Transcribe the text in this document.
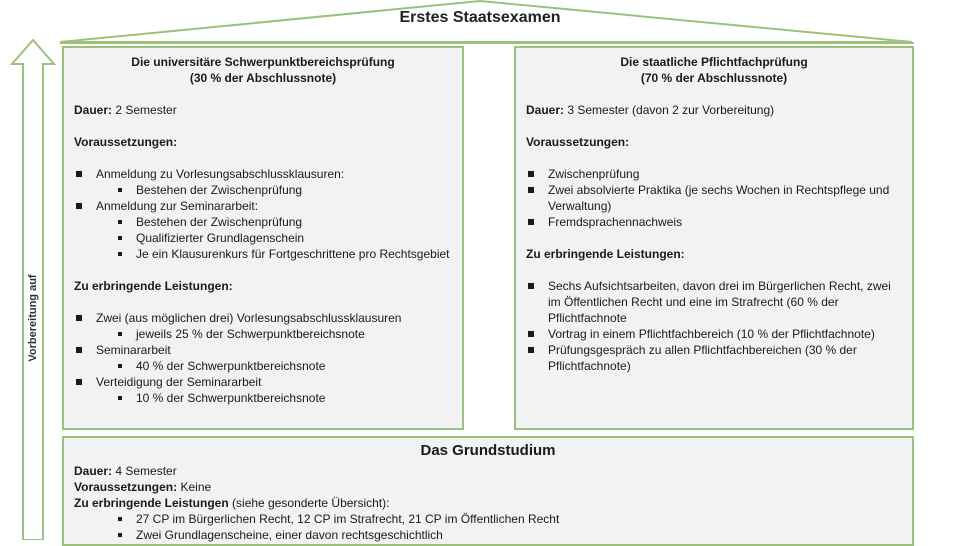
Erstes Staatsexamen
Vorbereitung auf
Die universitäre Schwerpunktbereichsprüfung
(30 % der Abschlussnote)
Dauer: 2 Semester
Voraussetzungen:
Anmeldung zu Vorlesungsabschlussklausuren:
Bestehen der Zwischenprüfung
Anmeldung zur Seminararbeit:
Bestehen der Zwischenprüfung
Qualifizierter Grundlagenschein
Je ein Klausurenkurs für Fortgeschrittene pro Rechtsgebiet
Zu erbringende Leistungen:
Zwei (aus möglichen drei) Vorlesungsabschlussklausuren
jeweils 25 % der Schwerpunktbereichsnote
Seminararbeit
40 % der Schwerpunktbereichsnote
Verteidigung der Seminararbeit
10 % der Schwerpunktbereichsnote
Die staatliche Pflichtfachprüfung
(70 % der Abschlussnote)
Dauer: 3 Semester (davon 2 zur Vorbereitung)
Voraussetzungen:
Zwischenprüfung
Zwei absolvierte Praktika (je sechs Wochen in Rechtspflege und Verwaltung)
Fremdsprachennachweis
Zu erbringende Leistungen:
Sechs Aufsichtsarbeiten, davon drei im Bürgerlichen Recht, zwei im Öffentlichen Recht und eine im Strafrecht (60 % der Pflichtfachnote
Vortrag in einem Pflichtfachbereich (10 % der Pflichtfachnote)
Prüfungsgespräch zu allen Pflichtfachbereichen (30 % der Pflichtfachnote)
Das Grundstudium
Dauer: 4 Semester
Voraussetzungen: Keine
Zu erbringende Leistungen (siehe gesonderte Übersicht):
27 CP im Bürgerlichen Recht, 12 CP im Strafrecht, 21 CP im Öffentlichen Recht
Zwei Grundlagenscheine, einer davon rechtsgeschichtlich
